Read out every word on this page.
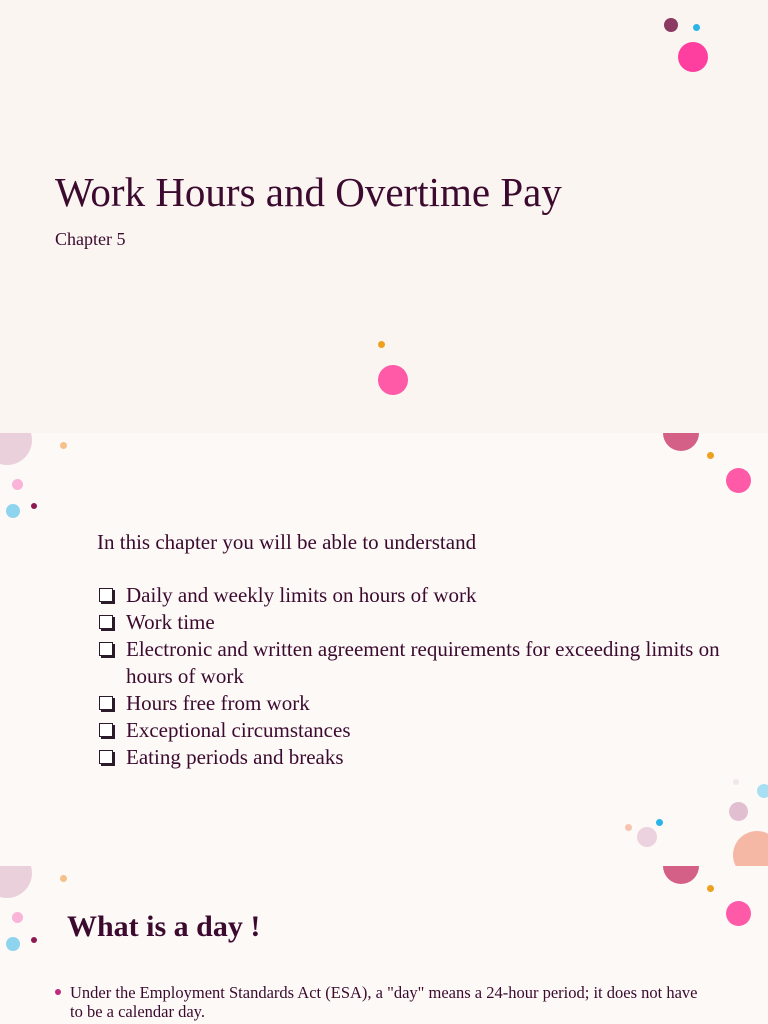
Work Hours and Overtime Pay
Chapter 5
In this chapter you will be able to understand
Daily and weekly limits on hours of work
Work time
Electronic and written agreement requirements for exceeding limits on hours of work
Hours free from work
Exceptional circumstances
Eating periods and breaks
What is a day !

Under the Employment Standards Act (ESA), a "day" means a 24-hour period; it does not have to be a calendar day.
